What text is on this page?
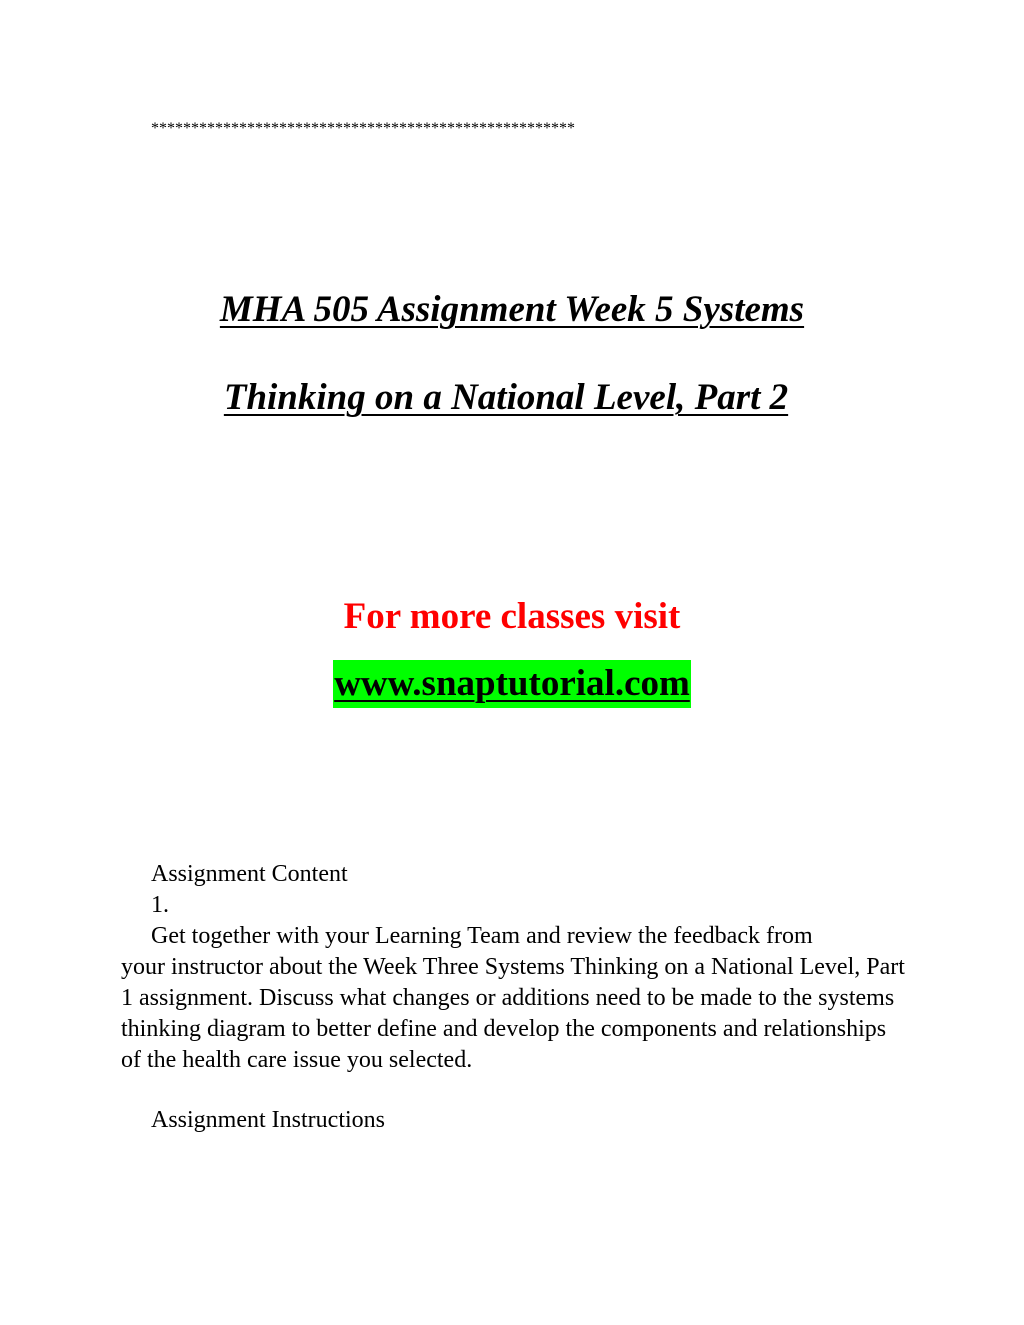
*****************************************************
MHA 505 Assignment Week 5 Systems
Thinking on a National Level, Part 2
For more classes visit
www.snaptutorial.com
Assignment Content
1.
Get together with your Learning Team and review the feedback from
your instructor about the Week Three Systems Thinking on a National Level, Part 1 assignment. Discuss what changes or additions need to be made to the systems thinking diagram to better define and develop the components and relationships of the health care issue you selected.
Assignment Instructions
